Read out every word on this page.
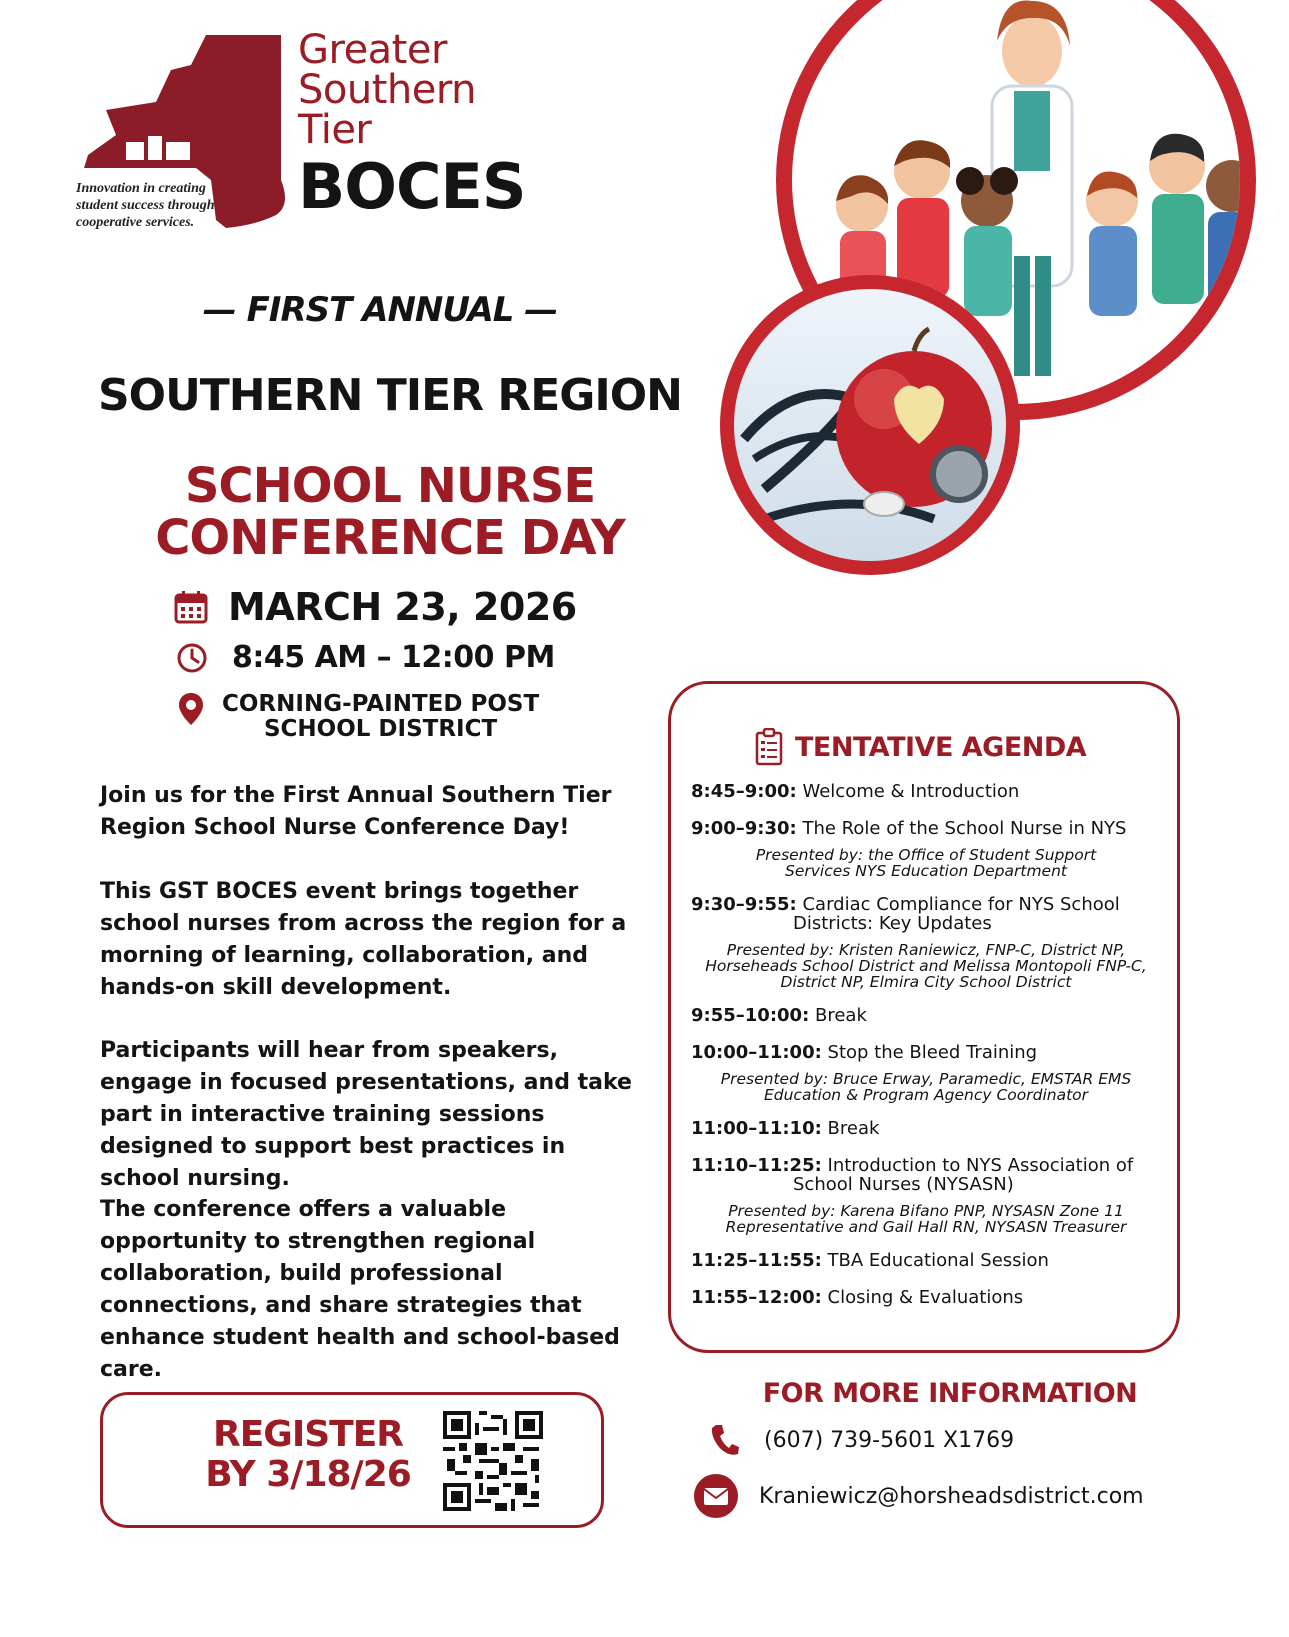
Greater
Southern
Tier
BOCES
Innovation in creating student success through cooperative services.
— FIRST ANNUAL —
SOUTHERN TIER REGION
SCHOOL NURSE
CONFERENCE DAY
MARCH 23, 2026
8:45 AM – 12:00 PM
CORNING-PAINTED POST
SCHOOL DISTRICT
Join us for the First Annual Southern Tier Region School Nurse Conference Day!
This GST BOCES event brings together school nurses from across the region for a morning of learning, collaboration, and hands-on skill development.
Participants will hear from speakers, engage in focused presentations, and take part in interactive training sessions designed to support best practices in school nursing.
The conference offers a valuable opportunity to strengthen regional collaboration, build professional connections, and share strategies that enhance student health and school-based care.
REGISTER
BY 3/18/26
TENTATIVE AGENDA
8:45–9:00: Welcome & Introduction
9:00–9:30: The Role of the School Nurse in NYS
Presented by: the Office of Student Support Services NYS Education Department
9:30–9:55: Cardiac Compliance for NYS School
Districts: Key Updates
Presented by: Kristen Raniewicz, FNP-C, District NP, Horseheads School District and Melissa Montopoli FNP-C, District NP, Elmira City School District
9:55–10:00: Break
10:00–11:00: Stop the Bleed Training
Presented by: Bruce Erway, Paramedic, EMSTAR EMS Education & Program Agency Coordinator
11:00–11:10: Break
11:10–11:25: Introduction to NYS Association of
School Nurses (NYSASN)
Presented by: Karena Bifano PNP, NYSASN Zone 11 Representative and Gail Hall RN, NYSASN Treasurer
11:25–11:55: TBA Educational Session
11:55–12:00: Closing & Evaluations
FOR MORE INFORMATION
(607) 739-5601 X1769
Kraniewicz@horsheadsdistrict.com
